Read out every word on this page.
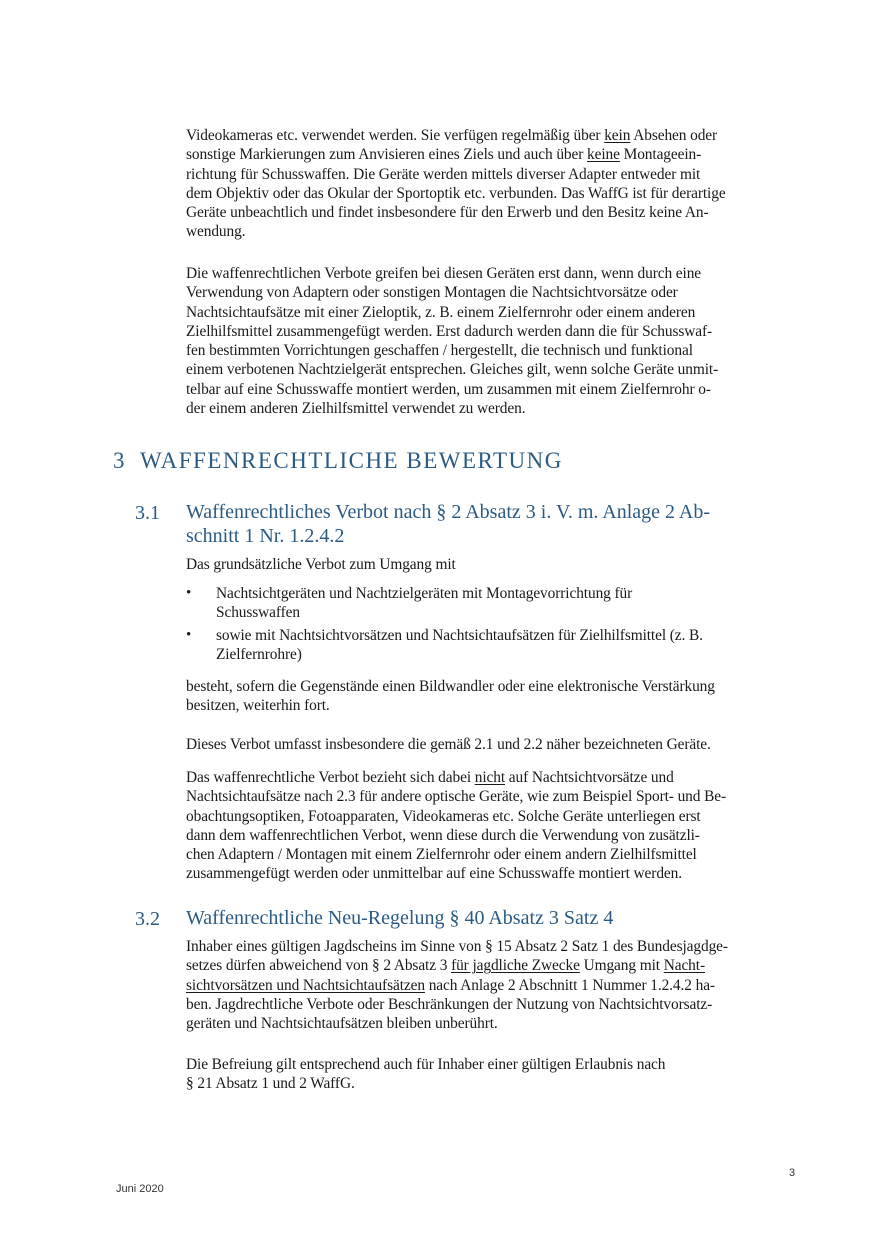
Videokameras etc. verwendet werden. Sie verfügen regelmäßig über kein Absehen oder
sonstige Markierungen zum Anvisieren eines Ziels und auch über keine Montageein-
richtung für Schusswaffen. Die Geräte werden mittels diverser Adapter entweder mit
dem Objektiv oder das Okular der Sportoptik etc. verbunden. Das WaffG ist für derartige
Geräte unbeachtlich und findet insbesondere für den Erwerb und den Besitz keine An-
wendung.
Die waffenrechtlichen Verbote greifen bei diesen Geräten erst dann, wenn durch eine
Verwendung von Adaptern oder sonstigen Montagen die Nachtsichtvorsätze oder
Nachtsichtaufsätze mit einer Zieloptik, z. B. einem Zielfernrohr oder einem anderen
Zielhilfsmittel zusammengefügt werden. Erst dadurch werden dann die für Schusswaf-
fen bestimmten Vorrichtungen geschaffen / hergestellt, die technisch und funktional
einem verbotenen Nachtzielgerät entsprechen. Gleiches gilt, wenn solche Geräte unmit-
telbar auf eine Schusswaffe montiert werden, um zusammen mit einem Zielfernrohr o-
der einem anderen Zielhilfsmittel verwendet zu werden.
3 WAFFENRECHTLICHE BEWERTUNG
3.1 Waffenrechtliches Verbot nach § 2 Absatz 3 i. V. m. Anlage 2 Ab-
schnitt 1 Nr. 1.2.4.2
Das grundsätzliche Verbot zum Umgang mit
• Nachtsichtgeräten und Nachtzielgeräten mit Montagevorrichtung für
Schusswaffen
• sowie mit Nachtsichtvorsätzen und Nachtsichtaufsätzen für Zielhilfsmittel (z. B.
Zielfernrohre)
besteht, sofern die Gegenstände einen Bildwandler oder eine elektronische Verstärkung
besitzen, weiterhin fort.
Dieses Verbot umfasst insbesondere die gemäß 2.1 und 2.2 näher bezeichneten Geräte.
Das waffenrechtliche Verbot bezieht sich dabei nicht auf Nachtsichtvorsätze und
Nachtsichtaufsätze nach 2.3 für andere optische Geräte, wie zum Beispiel Sport- und Be-
obachtungsoptiken, Fotoapparaten, Videokameras etc. Solche Geräte unterliegen erst
dann dem waffenrechtlichen Verbot, wenn diese durch die Verwendung von zusätzli-
chen Adaptern / Montagen mit einem Zielfernrohr oder einem andern Zielhilfsmittel
zusammengefügt werden oder unmittelbar auf eine Schusswaffe montiert werden.
3.2 Waffenrechtliche Neu-Regelung § 40 Absatz 3 Satz 4
Inhaber eines gültigen Jagdscheins im Sinne von § 15 Absatz 2 Satz 1 des Bundesjagdge-
setzes dürfen abweichend von § 2 Absatz 3 für jagdliche Zwecke Umgang mit Nacht-
sichtvorsätzen und Nachtsichtaufsätzen nach Anlage 2 Abschnitt 1 Nummer 1.2.4.2 ha-
ben. Jagdrechtliche Verbote oder Beschränkungen der Nutzung von Nachtsichtvorsatz-
geräten und Nachtsichtaufsätzen bleiben unberührt.
Die Befreiung gilt entsprechend auch für Inhaber einer gültigen Erlaubnis nach
§ 21 Absatz 1 und 2 WaffG.
Juni 2020
3
